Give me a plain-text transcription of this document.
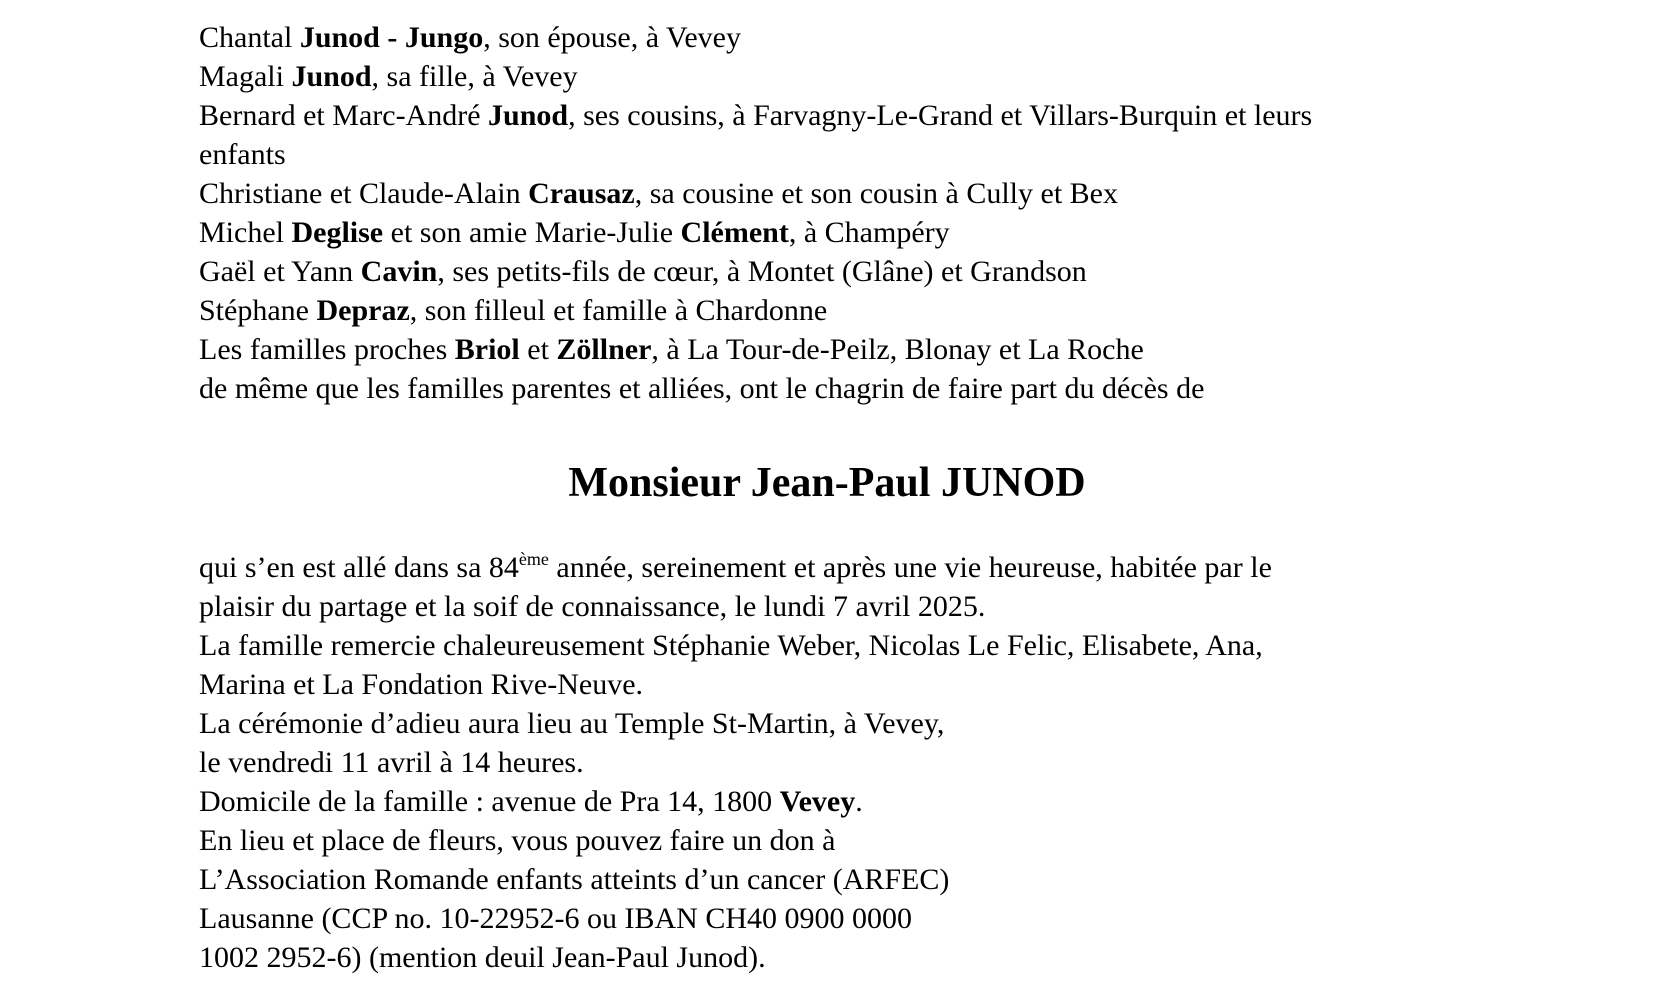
Chantal Junod - Jungo, son épouse, à Vevey
Magali Junod, sa fille, à Vevey
Bernard et Marc-André Junod, ses cousins, à Farvagny-Le-Grand et Villars-Burquin et leurs
enfants
Christiane et Claude-Alain Crausaz, sa cousine et son cousin à Cully et Bex
Michel Deglise et son amie Marie-Julie Clément, à Champéry
Gaël et Yann Cavin, ses petits-fils de cœur, à Montet (Glâne) et Grandson
Stéphane Depraz, son filleul et famille à Chardonne
Les familles proches Briol et Zöllner, à La Tour-de-Peilz, Blonay et La Roche
de même que les familles parentes et alliées, ont le chagrin de faire part du décès de
Monsieur Jean-Paul JUNOD
qui s’en est allé dans sa 84ème année, sereinement et après une vie heureuse, habitée par le
plaisir du partage et la soif de connaissance, le lundi 7 avril 2025.
La famille remercie chaleureusement Stéphanie Weber, Nicolas Le Felic, Elisabete, Ana,
Marina et La Fondation Rive-Neuve.
La cérémonie d’adieu aura lieu au Temple St-Martin, à Vevey,
le vendredi 11 avril à 14 heures.
Domicile de la famille : avenue de Pra 14, 1800 Vevey.
En lieu et place de fleurs, vous pouvez faire un don à
L’Association Romande enfants atteints d’un cancer (ARFEC)
Lausanne (CCP no. 10-22952-6 ou IBAN CH40 0900 0000
1002 2952-6) (mention deuil Jean-Paul Junod).
